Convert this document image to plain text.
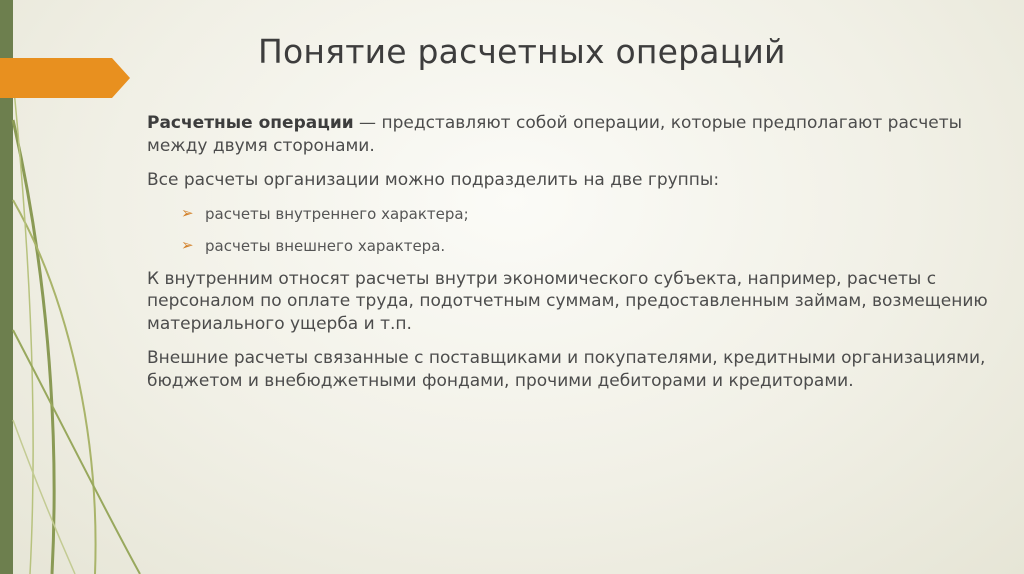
Понятие расчетных операций

Расчетные операции — представляют собой операции, которые предполагают расчеты между двумя сторонами.

Все расчеты организации можно подразделить на две группы:

➢ расчеты внутреннего характера;
➢ расчеты внешнего характера.

К внутренним относят расчеты внутри экономического субъекта, например, расчеты с персоналом по оплате труда, подотчетным суммам, предоставленным займам, возмещению материального ущерба и т.п.

Внешние расчеты связанные с поставщиками и покупателями, кредитными организациями, бюджетом и внебюджетными фондами, прочими дебиторами и кредиторами.
